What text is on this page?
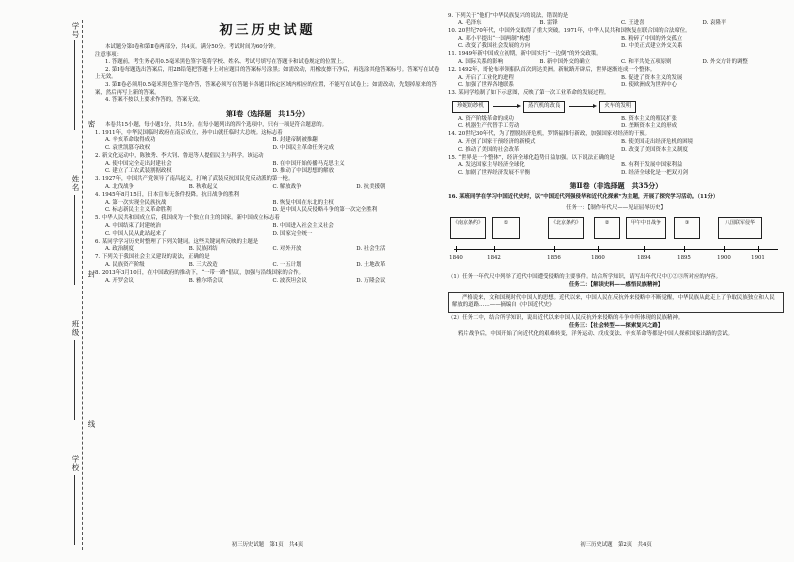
学号
姓名
班级
学校
密
封
线
初三历史试题
本试题分第Ⅰ卷和第Ⅱ卷两部分，共4页。满分50分。考试时间为60分钟。
注意事项：
1. 答题前，考生务必用0.5毫米黑色签字笔将学校、姓名、考试号填写在答题卡和试卷规定的位置上。
2. 第Ⅰ卷每题选出答案后，用2B铅笔把答题卡上对应题目的答案标号涂黑；如需改动，用橡皮擦干净后，再选涂其他答案标号。答案写在试卷上无效。
3. 第Ⅱ卷必须用0.5毫米黑色签字笔作答，答案必须写在答题卡各题目指定区域内相应的位置，不能写在试卷上；如需改动，先划掉原来的答案，然后再写上新的答案。
4. 答案不按以上要求作答的，答案无效。
第Ⅰ卷（选择题　共15分）
本卷共15小题，每小题1分，共15分。在每小题列出的四个选项中，只有一项是符合题意的。
1. 1911年，中华民国临时政府在南京成立，孙中山就任临时大总统。这标志着
A. 辛亥革命取得成功	B. 封建帝制被推翻
C. 袁世凯篡夺政权	D. 中国民主革命任务完成
2. 新文化运动中，陈独秀、李大钊、鲁迅等人提倡民主与科学。该运动
A. 使中国完全走出封建社会	B. 在中国开始传播马克思主义
C. 建立了工农武装割据政权	D. 推动了中国思想的解放
3. 1927年，中国共产党领导了南昌起义，打响了武装反抗国民党反动派的第一枪。
A. 北伐战争	B. 秋收起义	C. 解放战争	D. 抗美援朝
4. 1945年8月15日，日本宣布无条件投降。抗日战争的胜利
A. 第一次实现全民族抗战	B. 恢复中国在东北的主权
C. 标志新民主主义革命胜利	D. 是中国人民反侵略斗争的第一次完全胜利
5. 中华人民共和国成立后，我国成为一个独立自主的国家。新中国成立标志着
A. 中国结束了封建统治	B. 中国进入社会主义社会
C. 中国人民从此站起来了	D. 国家完全统一
6. 某同学学习历史时整理了下列关键词。这些关键词所反映的主题是
A. 政治制度	B. 民族团结	C. 对外开放	D. 社会生活
7. 下列关于我国社会主义建设的说法，正确的是
A. 民族资产阶级	B. 三大改造	C. 一五计划	D. 土地改革
8. 2013年3月10日，在中国政府的推动下，“一带一路”倡议，加强与沿线国家的合作。
A. 开罗会议	B. 雅尔塔会议	C. 波茨坦会议	D. 万隆会议
初三历史试题　第1页　共4页
9. 下列关于“他们”中华民族复兴的说法，错误的是
A. 毛泽东	B. 雷锋	C. 王进喜	D. 袁隆平
10. 20世纪70年代，中国外交取得了重大突破。1971年，中华人民共和国恢复在联合国的合法席位。
A. 邓小平提出“一国两制”构想	B. 粉碎了中国的外交孤立
C. 改变了我国社会发展的方向	D. 中美正式建立外交关系
11. 1949年新中国成立初期，新中国实行“一边倒”的外交政策。
A. 国际关系的影响	B. 新中国外交的确立	C. 和平共处五项原则	D. 外交方针的调整
12. 1492年，哥伦布率领船队首次到达美洲。新航路开辟后，世界逐渐连成一个整体。
A. 开启了工业化的进程	B. 促进了资本主义的发展
C. 加强了世界各地联系	D. 使欧洲成为世界中心
13. 某同学绘制了如下示意图，反映了第一次工业革命的发展过程。
珍妮纺纱机	蒸汽机的改良	火车的发明
A. 资产阶级革命的成功	B. 资本主义的殖民扩张
C. 机器生产代替手工劳动	D. 垄断资本主义的形成
14. 20世纪30年代，为了摆脱经济危机，罗斯福推行新政，加强国家对经济的干预。
A. 开创了国家干预经济的新模式	B. 使美国走出经济危机的困境
C. 推动了美国的社会改革	D. 改变了美国资本主义制度
15. “世界是一个整体”，经济全球化趋势日益加强。以下说法正确的是
A. 发达国家主导经济全球化	B. 有利于发展中国家利益
C. 加剧了世界经济发展不平衡	D. 经济全球化是一把双刃剑
第Ⅱ卷（非选择题　共35分）
16. 某班同学在学习中国近代史时，以“中国近代列强侵华和近代化探索”为主题，开展了探究学习活动。（11分）
任务一：【制作年代尺——见证屈辱历史】
《南京条约》	①	《北京条约》	②	甲午中日战争	③	八国联军侵华
1840	1842	1856	1860	1894	1895	1900	1901
（1）任务一年代尺中列举了近代中国遭受侵略的主要事件。结合所学知识，请写出年代尺中①②③所对应的内容。
任务二：【解读史料——感悟民族精神】
严格说来，文和国现时代中国人的思想。近代以来，中国人民在反抗外来侵略中不断觉醒，中华民族从此走上了争取民族独立和人民解放的道路……——摘编自《中国近代史》
（2）任务二中，结合所学知识，说出近代以来中国人民反抗外来侵略的斗争中所体现的民族精神。
任务三：【社会转型——探索复兴之路】
鸦片战争后，中国开始了向近代化的艰难转变，洋务运动、戊戌变法、辛亥革命等都是中国人探索国家出路的尝试。
初三历史试题　第2页　共4页
